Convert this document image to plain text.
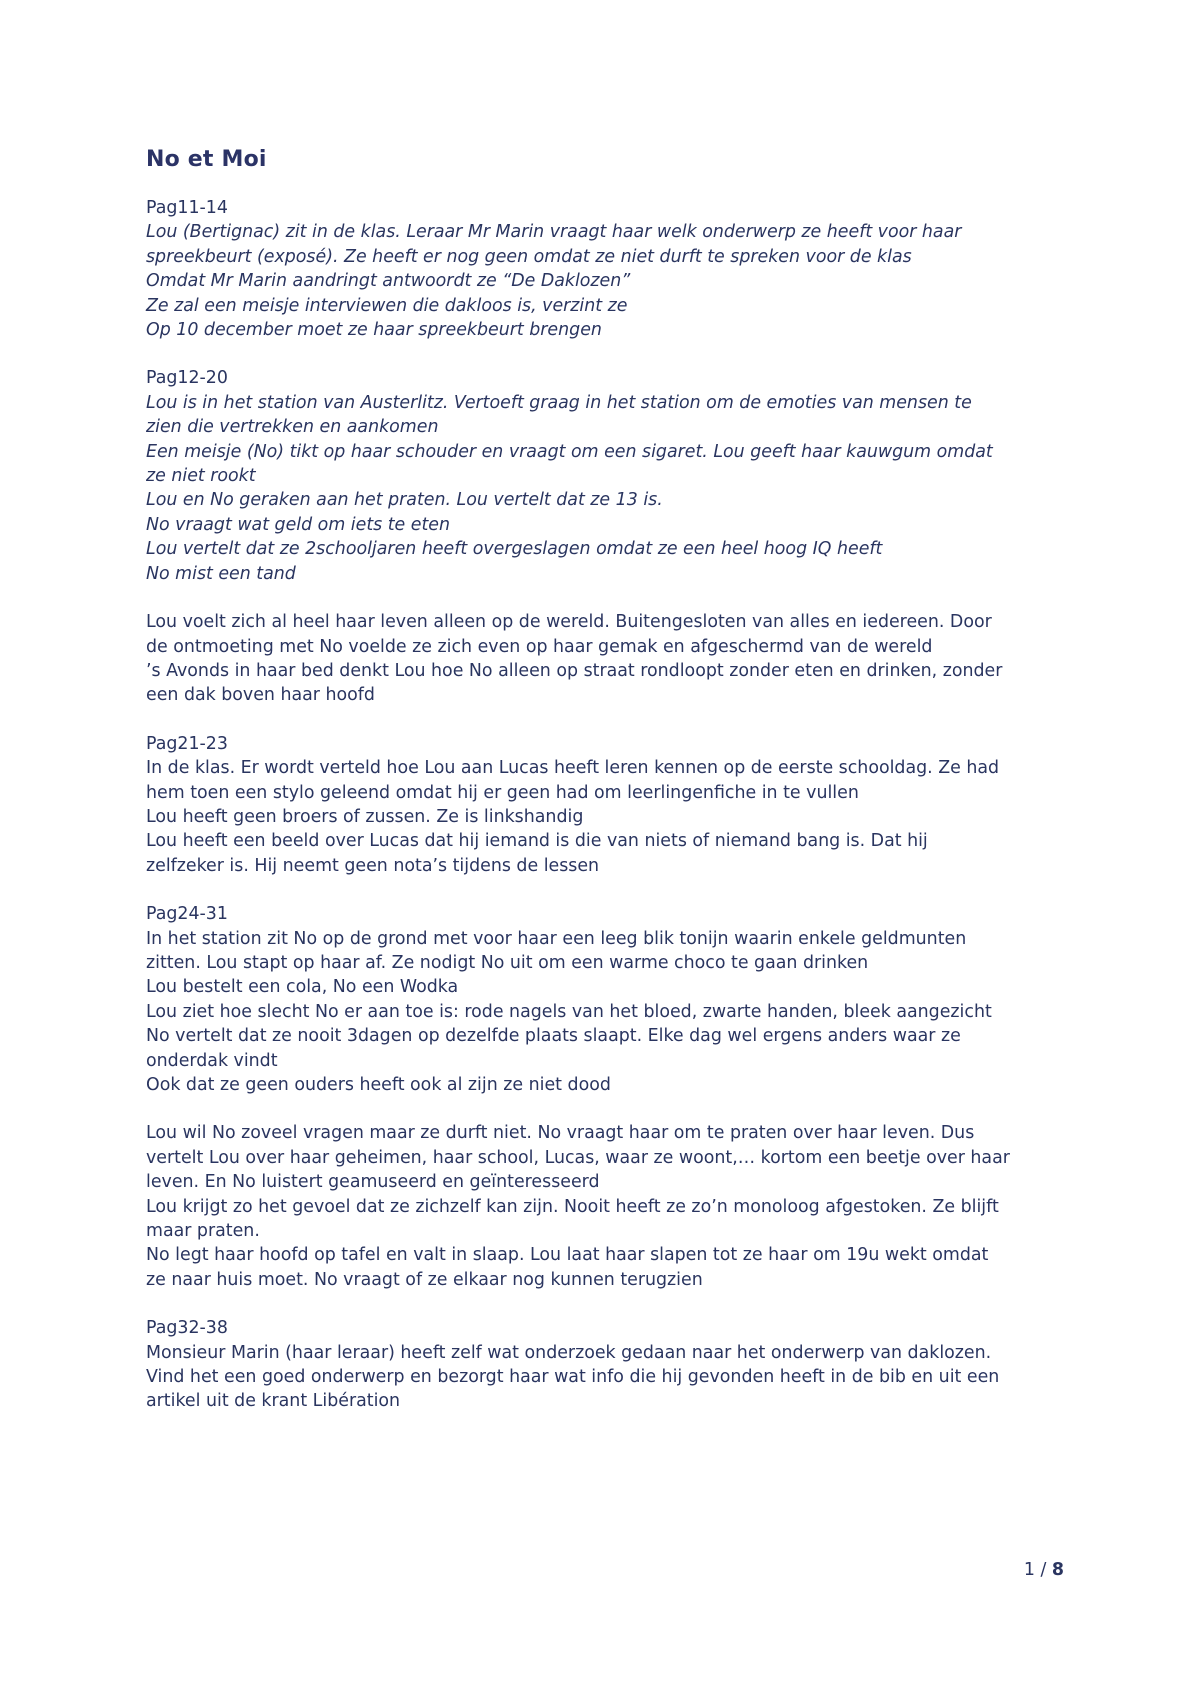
No et Moi

Pag11-14

Lou (Bertignac) zit in de klas. Leraar Mr Marin vraagt haar welk onderwerp ze heeft voor haar

spreekbeurt (exposé). Ze heeft er nog geen omdat ze niet durft te spreken voor de klas

Omdat Mr Marin aandringt antwoordt ze “De Daklozen”

Ze zal een meisje interviewen die dakloos is, verzint ze

Op 10 december moet ze haar spreekbeurt brengen

Pag12-20

Lou is in het station van Austerlitz. Vertoeft graag in het station om de emoties van mensen te

zien die vertrekken en aankomen

Een meisje (No) tikt op haar schouder en vraagt om een sigaret. Lou geeft haar kauwgum omdat

ze niet rookt

Lou en No geraken aan het praten. Lou vertelt dat ze 13 is.

No vraagt wat geld om iets te eten

Lou vertelt dat ze 2schooljaren heeft overgeslagen omdat ze een heel hoog IQ heeft

No mist een tand

Lou voelt zich al heel haar leven alleen op de wereld. Buitengesloten van alles en iedereen. Door

de ontmoeting met No voelde ze zich even op haar gemak en afgeschermd van de wereld

’s Avonds in haar bed denkt Lou hoe No alleen op straat rondloopt zonder eten en drinken, zonder

een dak boven haar hoofd

Pag21-23

In de klas. Er wordt verteld hoe Lou aan Lucas heeft leren kennen op de eerste schooldag. Ze had

hem toen een stylo geleend omdat hij er geen had om leerlingenfiche in te vullen

Lou heeft geen broers of zussen. Ze is linkshandig

Lou heeft een beeld over Lucas dat hij iemand is die van niets of niemand bang is. Dat hij

zelfzeker is. Hij neemt geen nota’s tijdens de lessen

Pag24-31

In het station zit No op de grond met voor haar een leeg blik tonijn waarin enkele geldmunten

zitten. Lou stapt op haar af. Ze nodigt No uit om een warme choco te gaan drinken

Lou bestelt een cola, No een Wodka

Lou ziet hoe slecht No er aan toe is: rode nagels van het bloed, zwarte handen, bleek aangezicht

No vertelt dat ze nooit 3dagen op dezelfde plaats slaapt. Elke dag wel ergens anders waar ze

onderdak vindt

Ook dat ze geen ouders heeft ook al zijn ze niet dood

Lou wil No zoveel vragen maar ze durft niet. No vraagt haar om te praten over haar leven. Dus

vertelt Lou over haar geheimen, haar school, Lucas, waar ze woont,… kortom een beetje over haar

leven. En No luistert geamuseerd en geïnteresseerd

Lou krijgt zo het gevoel dat ze zichzelf kan zijn. Nooit heeft ze zo’n monoloog afgestoken. Ze blijft

maar praten.

No legt haar hoofd op tafel en valt in slaap. Lou laat haar slapen tot ze haar om 19u wekt omdat

ze naar huis moet. No vraagt of ze elkaar nog kunnen terugzien

Pag32-38

Monsieur Marin (haar leraar) heeft zelf wat onderzoek gedaan naar het onderwerp van daklozen.

Vind het een goed onderwerp en bezorgt haar wat info die hij gevonden heeft in de bib en uit een

artikel uit de krant Libération

1 / 8
